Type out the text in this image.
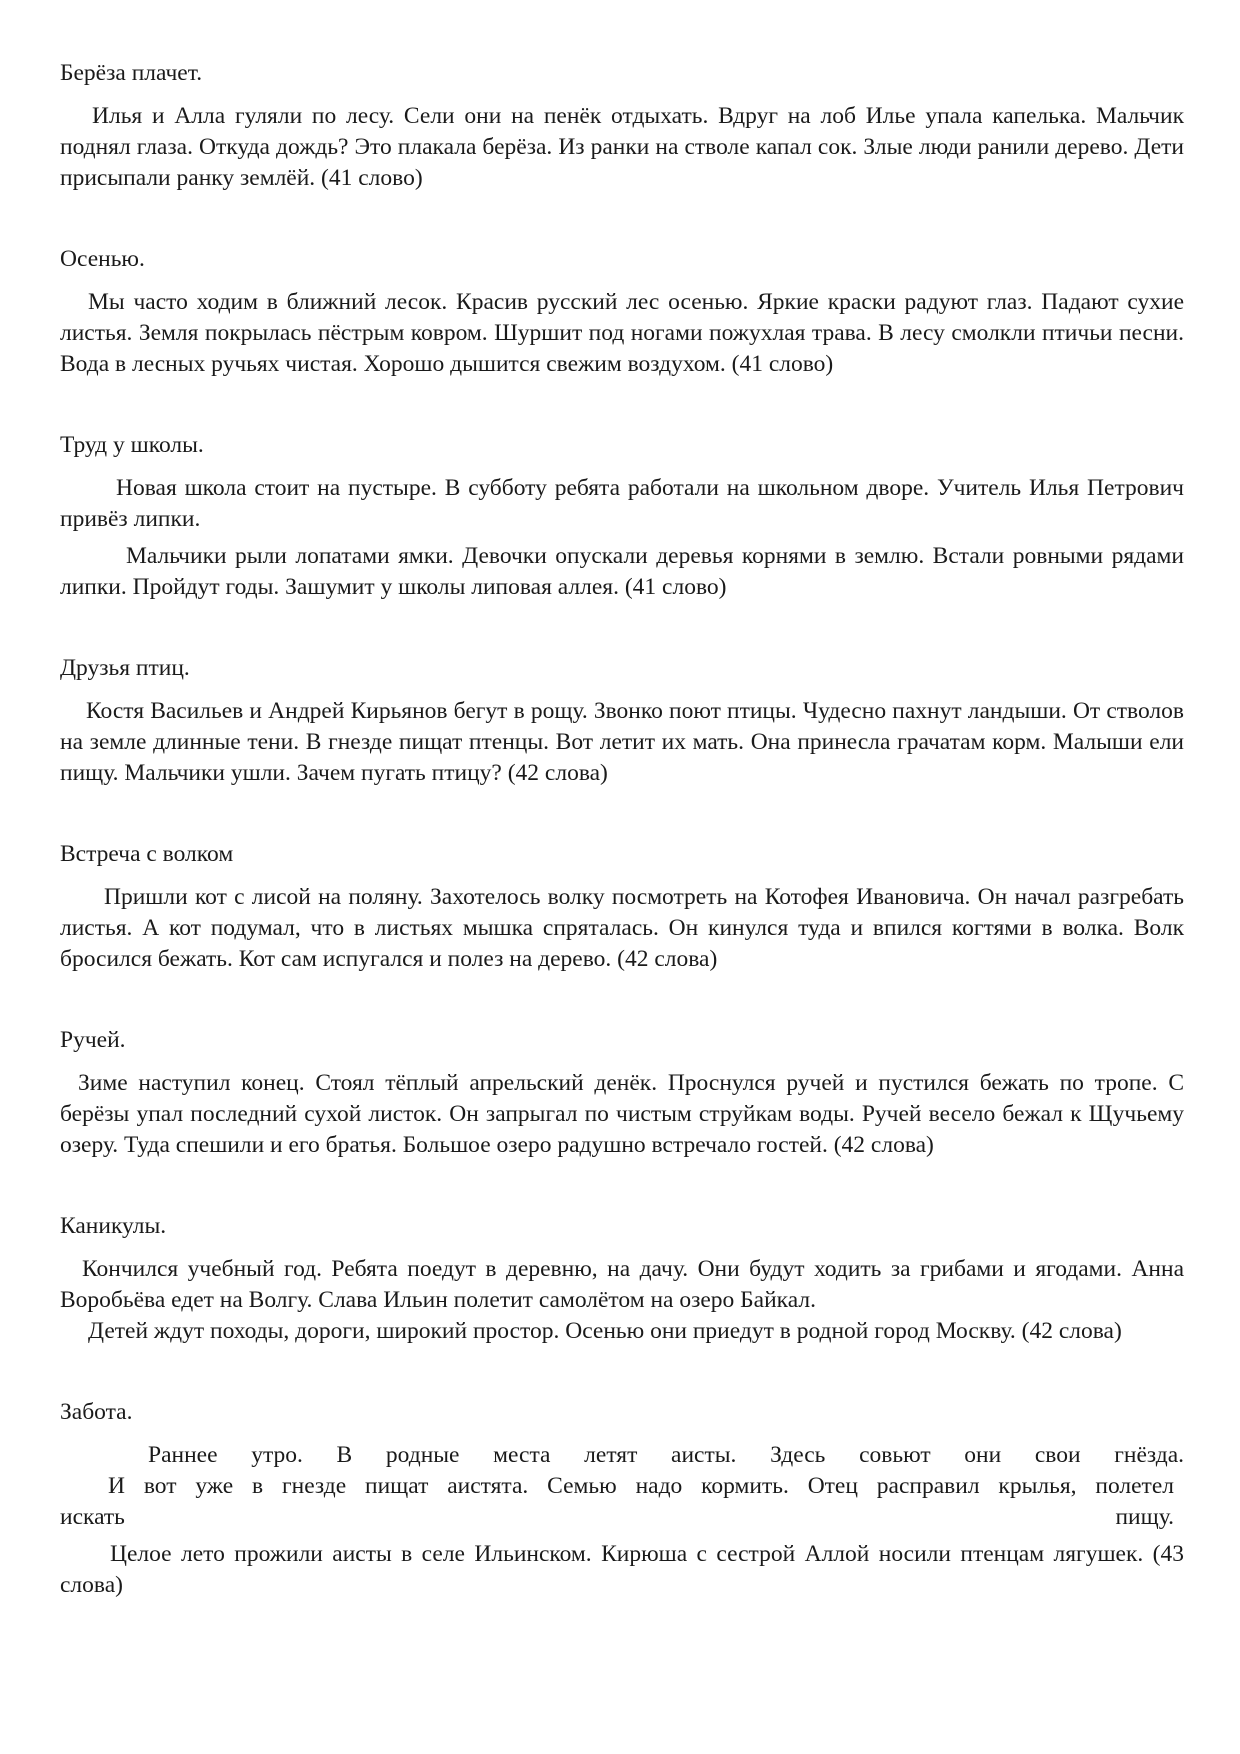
Берёза плачет.

Илья и Алла гуляли по лесу. Сели они на пенёк отдыхать. Вдруг на лоб Илье упала капелька. Мальчик поднял глаза. Откуда дождь? Это плакала берёза. Из ранки на стволе капал сок. Злые люди ранили дерево. Дети присыпали ранку землёй. (41 слово)

Осенью.

Мы часто ходим в ближний лесок. Красив русский лес осенью. Яркие краски радуют глаз. Падают сухие листья. Земля покрылась пёстрым ковром. Шуршит под ногами пожухлая трава. В лесу смолкли птичьи песни. Вода в лесных ручьях чистая. Хорошо дышится свежим воздухом. (41 слово)

Труд у школы.

Новая школа стоит на пустыре. В субботу ребята работали на школьном дворе. Учитель Илья Петрович привёз липки.

Мальчики рыли лопатами ямки. Девочки опускали деревья корнями в землю. Встали ровными рядами липки. Пройдут годы. Зашумит у школы липовая аллея. (41 слово)

Друзья птиц.

Костя Васильев и Андрей Кирьянов бегут в рощу. Звонко поют птицы. Чудесно пахнут ландыши. От стволов на земле длинные тени. В гнезде пищат птенцы. Вот летит их мать. Она принесла грачатам корм. Малыши ели пищу. Мальчики ушли. Зачем пугать птицу? (42 слова)

Встреча с волком

Пришли кот с лисой на поляну. Захотелось волку посмотреть на Котофея Ивановича. Он начал разгребать листья. А кот подумал, что в листьях мышка спряталась. Он кинулся туда и впился когтями в волка. Волк бросился бежать. Кот сам испугался и полез на дерево. (42 слова)

Ручей.

Зиме наступил конец. Стоял тёплый апрельский денёк. Проснулся ручей и пустился бежать по тропе. С берёзы упал последний сухой листок. Он запрыгал по чистым струйкам воды. Ручей весело бежал к Щучьему озеру. Туда спешили и его братья. Большое озеро радушно встречало гостей. (42 слова)

Каникулы.

Кончился учебный год. Ребята поедут в деревню, на дачу. Они будут ходить за грибами и ягодами. Анна Воробьёва едет на Волгу. Слава Ильин полетит самолётом на озеро Байкал.

Детей ждут походы, дороги, широкий простор. Осенью они приедут в родной город Москву. (42 слова)

Забота.

Раннее утро. В родные места летят аисты. Здесь совьют они свои гнёзда.

И вот уже в гнезде пищат аистята. Семью надо кормить. Отец расправил крылья, полетел

искать	пищу.

Целое лето прожили аисты в селе Ильинском. Кирюша с сестрой Аллой носили птенцам лягушек. (43 слова)
